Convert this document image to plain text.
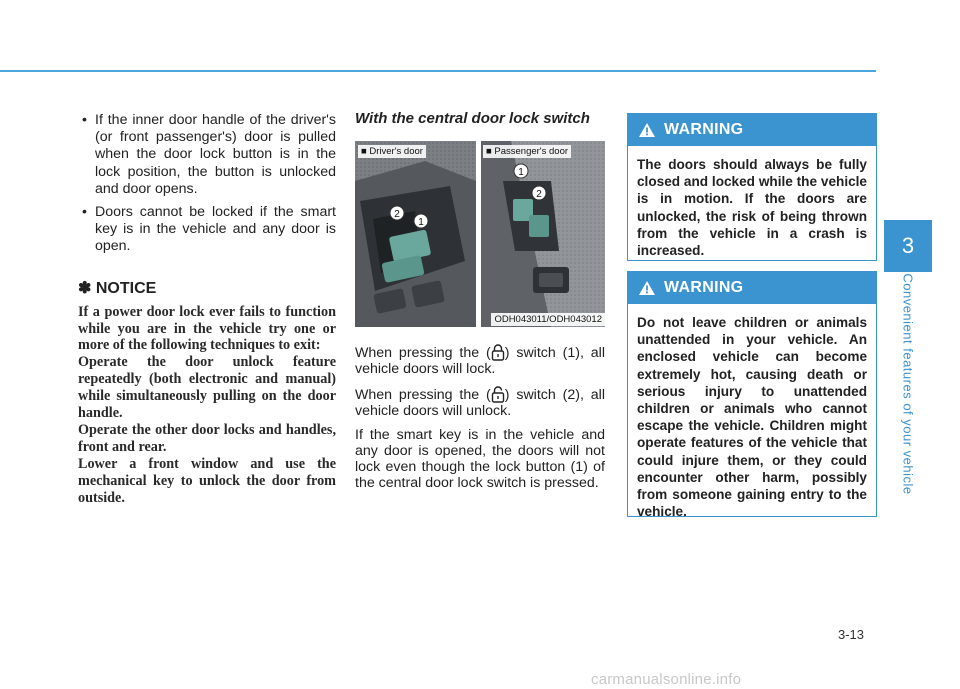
• If the inner door handle of the driver's (or front passenger's) door is pulled when the door lock button is in the lock position, the button is unlocked and door opens.
• Doors cannot be locked if the smart key is in the vehicle and any door is open.
✽ NOTICE

If a power door lock ever fails to function while you are in the vehicle try one or more of the following techniques to exit:

Operate the door unlock feature repeatedly (both electronic and manual) while simultaneously pulling on the door handle.

Operate the other door locks and handles, front and rear.

Lower a front window and use the mechanical key to unlock the door from outside.

With the central door lock switch
2
1
■ Driver's door
1
2
■ Passenger's door
ODH043011/ODH043012

When pressing the ( ) switch (1), all vehicle doors will lock.

When pressing the ( ) switch (2), all vehicle doors will unlock.

If the smart key is in the vehicle and any door is opened, the doors will not lock even though the lock button (1) of the central door lock switch is pressed.

WARNING
The doors should always be fully closed and locked while the vehicle is in motion. If the doors are unlocked, the risk of being thrown from the vehicle in a crash is increased.
WARNING
Do not leave children or animals unattended in your vehicle. An enclosed vehicle can become extremely hot, causing death or serious injury to unattended children or animals who cannot escape the vehicle. Children might operate features of the vehicle that could injure them, or they could encounter other harm, possibly from someone gaining entry to the vehicle.
3
Convenient features of your vehicle
3-13
carmanualsonline.info
